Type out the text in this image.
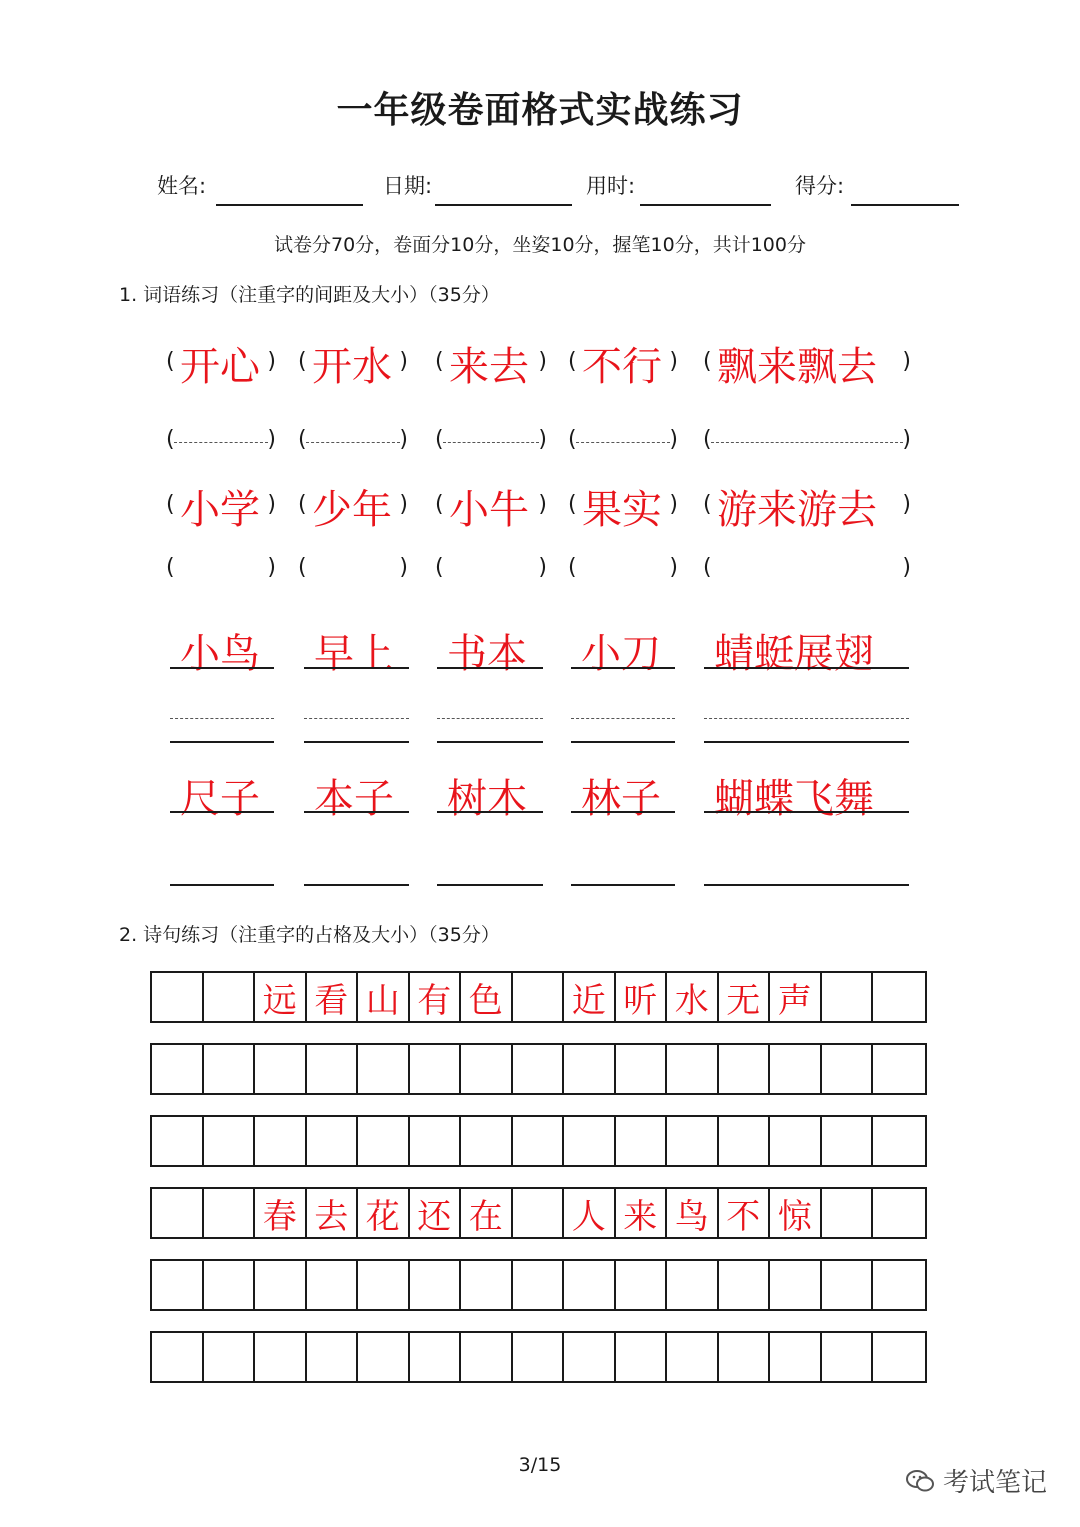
一年级卷面格式实战练习
姓名:	日期:	用时:	得分:
试卷分70分，卷面分10分，坐姿10分，握笔10分，共计100分
1. 词语练习（注重字的间距及大小）（35分）
( 开心 )
(	)
( 开水 )
(	)
( 来去 )
(	)
( 不行 )
(	)
( 飘来飘去 )
(	)
( 小学 )
(	)
( 少年 )
(	)
( 小牛 )
(	)
( 果实 )
(	)
( 游来游去 )
(	)
小鸟 早上 书本 小刀 蜻蜓展翅
尺子 本子 树木 林子 蝴蝶飞舞
2. 诗句练习（注重字的占格及大小）（35分）
远 看 山 有 色 近 听 水 无 声
春 去 花 还 在 人 来 鸟 不 惊
3/15
考试笔记
